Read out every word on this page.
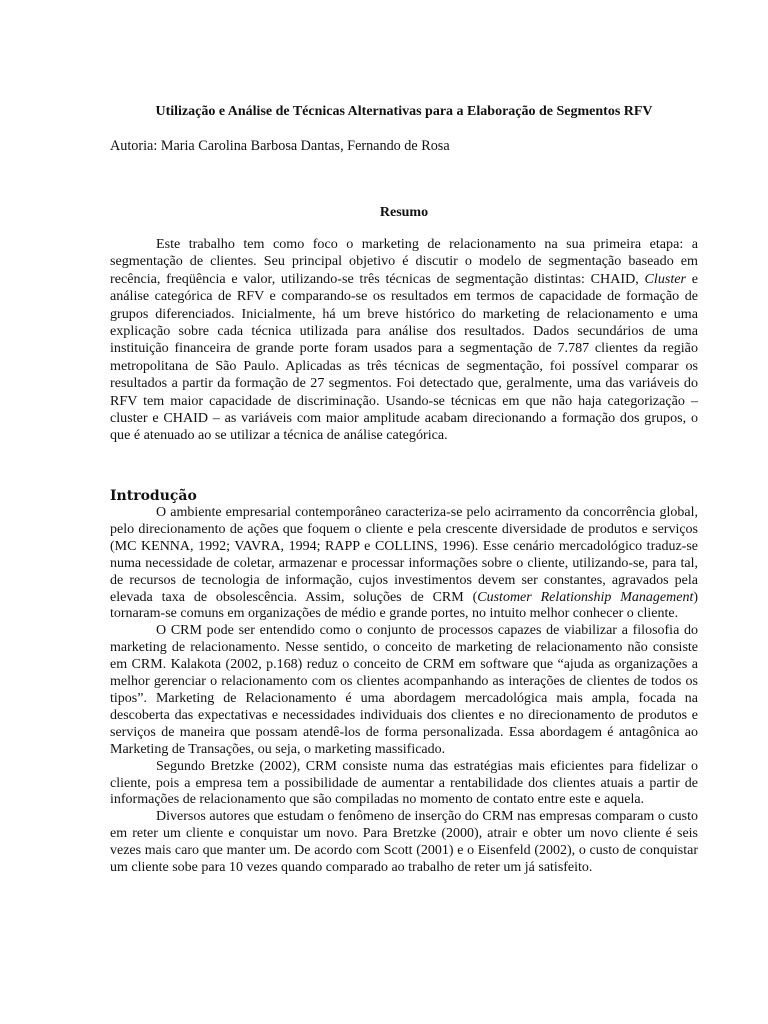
Utilização e Análise de Técnicas Alternativas para a Elaboração de Segmentos RFV

Autoria: Maria Carolina Barbosa Dantas, Fernando de Rosa

Resumo

Este trabalho tem como foco o marketing de relacionamento na sua primeira etapa: a segmentação de clientes. Seu principal objetivo é discutir o modelo de segmentação baseado em recência, freqüência e valor, utilizando-se três técnicas de segmentação distintas: CHAID, Cluster e análise categórica de RFV e comparando-se os resultados em termos de capacidade de formação de grupos diferenciados. Inicialmente, há um breve histórico do marketing de relacionamento e uma explicação sobre cada técnica utilizada para análise dos resultados. Dados secundários de uma instituição financeira de grande porte foram usados para a segmentação de 7.787 clientes da região metropolitana de São Paulo. Aplicadas as três técnicas de segmentação, foi possível comparar os resultados a partir da formação de 27 segmentos. Foi detectado que, geralmente, uma das variáveis do RFV tem maior capacidade de discriminação. Usando-se técnicas em que não haja categorização – cluster e CHAID – as variáveis com maior amplitude acabam direcionando a formação dos grupos, o que é atenuado ao se utilizar a técnica de análise categórica.

Introdução

O ambiente empresarial contemporâneo caracteriza-se pelo acirramento da concorrência global, pelo direcionamento de ações que foquem o cliente e pela crescente diversidade de produtos e serviços (MC KENNA, 1992; VAVRA, 1994; RAPP e COLLINS, 1996). Esse cenário mercadológico traduz-se numa necessidade de coletar, armazenar e processar informações sobre o cliente, utilizando-se, para tal, de recursos de tecnologia de informação, cujos investimentos devem ser constantes, agravados pela elevada taxa de obsolescência. Assim, soluções de CRM (Customer Relationship Management) tornaram-se comuns em organizações de médio e grande portes, no intuito melhor conhecer o cliente.

O CRM pode ser entendido como o conjunto de processos capazes de viabilizar a filosofia do marketing de relacionamento. Nesse sentido, o conceito de marketing de relacionamento não consiste em CRM. Kalakota (2002, p.168) reduz o conceito de CRM em software que “ajuda as organizações a melhor gerenciar o relacionamento com os clientes acompanhando as interações de clientes de todos os tipos”. Marketing de Relacionamento é uma abordagem mercadológica mais ampla, focada na descoberta das expectativas e necessidades individuais dos clientes e no direcionamento de produtos e serviços de maneira que possam atendê-los de forma personalizada. Essa abordagem é antagônica ao Marketing de Transações, ou seja, o marketing massificado.

Segundo Bretzke (2002), CRM consiste numa das estratégias mais eficientes para fidelizar o cliente, pois a empresa tem a possibilidade de aumentar a rentabilidade dos clientes atuais a partir de informações de relacionamento que são compiladas no momento de contato entre este e aquela.

Diversos autores que estudam o fenômeno de inserção do CRM nas empresas comparam o custo em reter um cliente e conquistar um novo. Para Bretzke (2000), atrair e obter um novo cliente é seis vezes mais caro que manter um. De acordo com Scott (2001) e o Eisenfeld (2002), o custo de conquistar um cliente sobe para 10 vezes quando comparado ao trabalho de reter um já satisfeito.
